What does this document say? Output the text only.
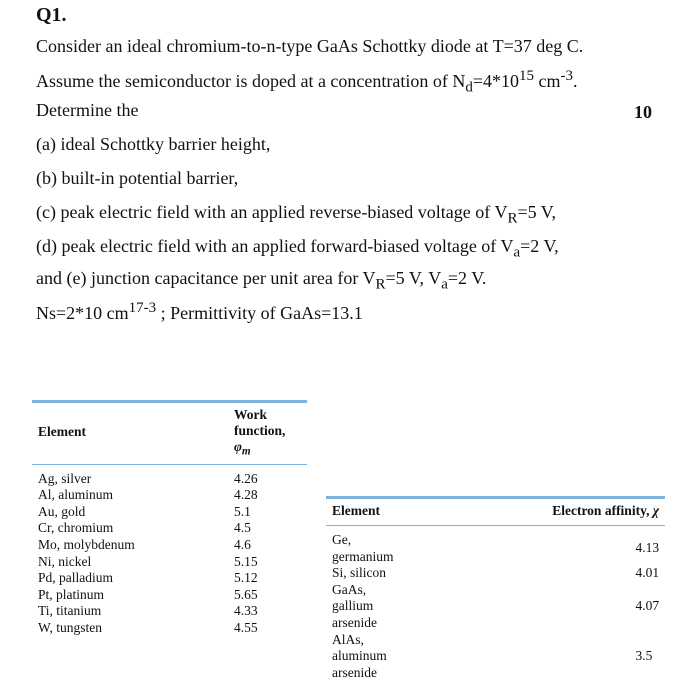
Q1.
10
Consider an ideal chromium-to-n-type GaAs Schottky diode at T=37 deg C.
Assume the semiconductor is doped at a concentration of $N_d=4*10^{15}$ $cm^{-3}$.
Determine the
(a) ideal Schottky barrier height,
(b) built-in potential barrier,
(c) peak electric field with an applied reverse-biased voltage of $V_R=5$ V,
(d) peak electric field with an applied forward-biased voltage of $V_a=2$ V,
and (e) junction capacitance per unit area for $V_R=5$ V, $V_a=2$ V.
Ns=2*10 $cm^{17-3}$ ; Permittivity of GaAs=13.1
Element	Work function, $\varphi_m$
Ag, silver	4.26
Al, aluminum	4.28
Au, gold	5.1
Cr, chromium	4.5
Mo, molybdenum	4.6
Ni, nickel	5.15
Pd, palladium	5.12
Pt, platinum	5.65
Ti, titanium	4.33
W, tungsten	4.55
Element	Electron affinity, χ
Ge, germanium	4.13
Si, silicon	4.01
GaAs, gallium arsenide	4.07
AlAs, aluminum arsenide	3.5
